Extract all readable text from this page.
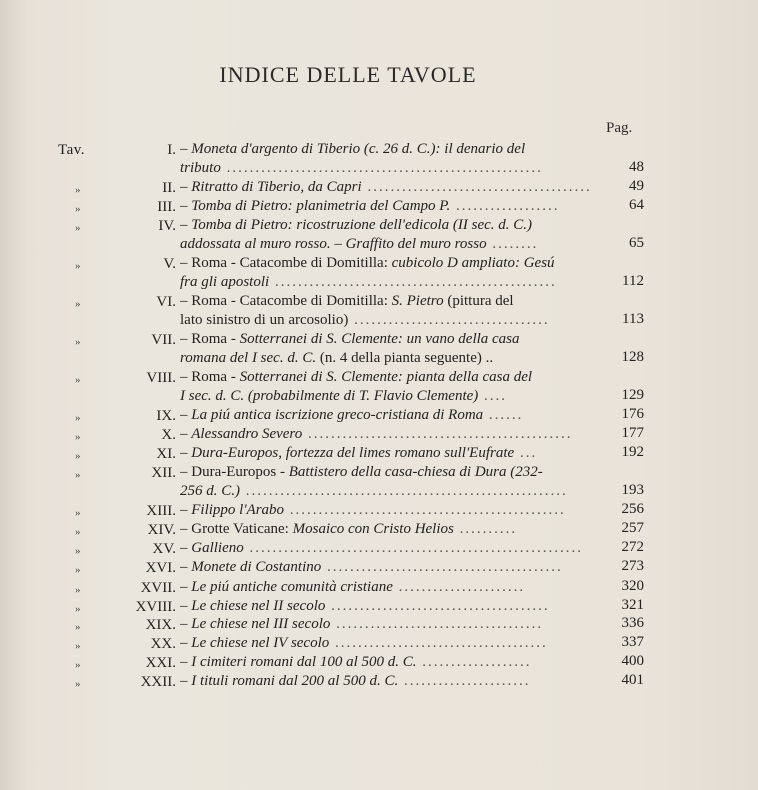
INDICE DELLE TAVOLE
Pag.
Tav.	I. – Moneta d'argento di Tiberio (c. 26 d. C.): il denario del
tributo .......................................................	48
»	II. – Ritratto di Tiberio, da Capri .......................................	49
»	III. – Tomba di Pietro: planimetria del Campo P. ..................	64
»	IV. – Tomba di Pietro: ricostruzione dell'edicola (II sec. d. C.)
addossata al muro rosso. – Graffito del muro rosso ........	65
»	V. – Roma - Catacombe di Domitilla: cubicolo D ampliato: Gesú
fra gli apostoli .................................................	112
»	VI. – Roma - Catacombe di Domitilla: S. Pietro (pittura del
lato sinistro di un arcosolio) ..................................	113
»	VII. – Roma - Sotterranei di S. Clemente: un vano della casa
romana del I sec. d. C. (n. 4 della pianta seguente) ..	128
»	VIII. – Roma - Sotterranei di S. Clemente: pianta della casa del
I sec. d. C. (probabilmente di T. Flavio Clemente) ....	129
»	IX. – La piú antica iscrizione greco-cristiana di Roma ......	176
»	X. – Alessandro Severo ..............................................	177
»	XI. – Dura-Europos, fortezza del limes romano sull'Eufrate ...	192
»	XII. – Dura-Europos - Battistero della casa-chiesa di Dura (232-
256 d. C.) ........................................................	193
»	XIII. – Filippo l'Arabo ................................................	256
»	XIV. – Grotte Vaticane: Mosaico con Cristo Helios ..........	257
»	XV. – Gallieno ..........................................................	272
»	XVI. – Monete di Costantino .........................................	273
»	XVII. – Le piú antiche comunità cristiane ......................	320
»	XVIII. – Le chiese nel II secolo ......................................	321
»	XIX. – Le chiese nel III secolo ....................................	336
»	XX. – Le chiese nel IV secolo .....................................	337
»	XXI. – I cimiteri romani dal 100 al 500 d. C. ...................	400
»	XXII. – I tituli romani dal 200 al 500 d. C. ......................	401
